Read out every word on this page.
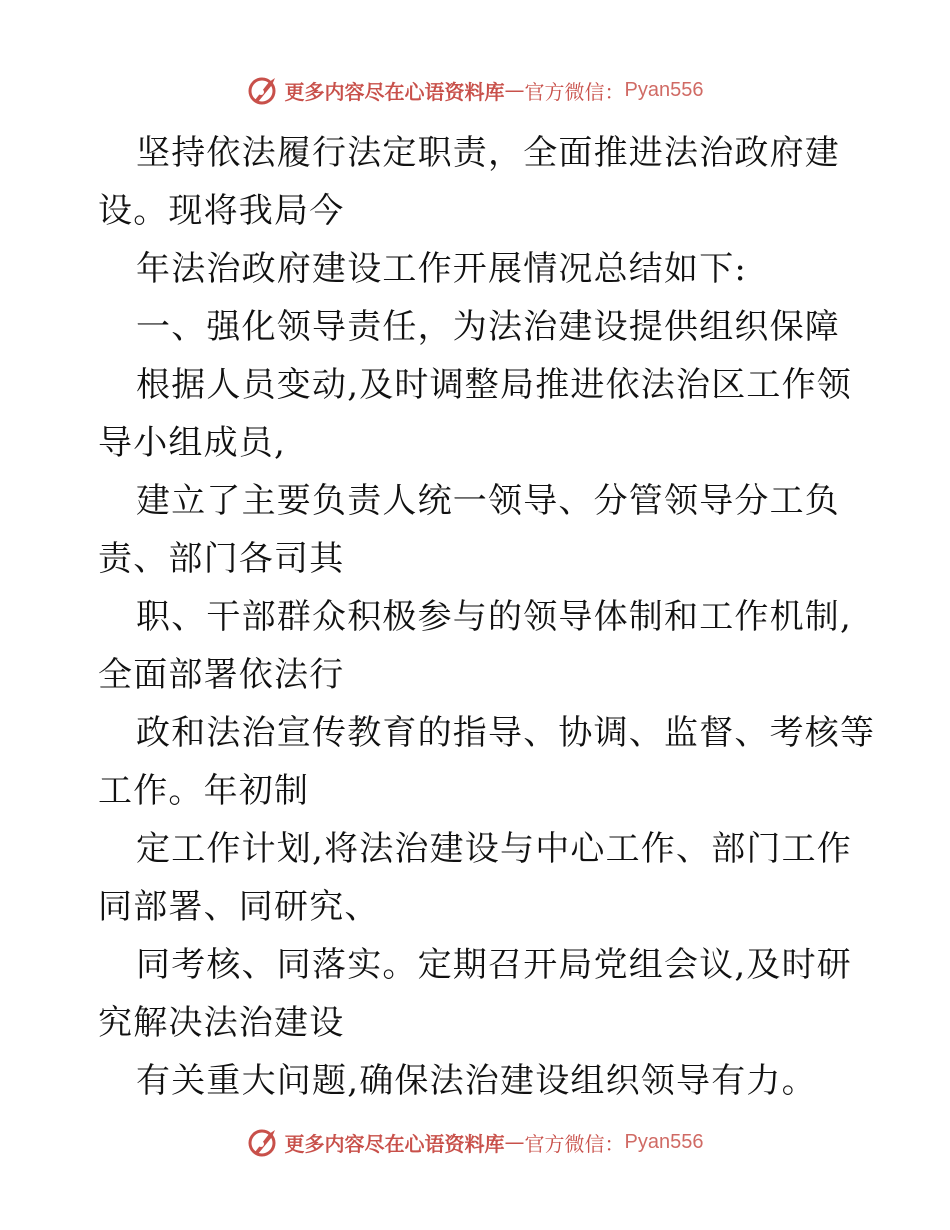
更多内容尽在心语资料库 — 官方微信： Pyan556
坚持依法履行法定职责，全面推进法治政府建
设。现将我局今
年法治政府建设工作开展情况总结如下:
一、强化领导责任，为法治建设提供组织保障
根据人员变动,及时调整局推进依法治区工作领
导小组成员,
建立了主要负责人统一领导、分管领导分工负
责、部门各司其
职、干部群众积极参与的领导体制和工作机制,
全面部署依法行
政和法治宣传教育的指导、协调、监督、考核等
工作。年初制
定工作计划,将法治建设与中心工作、部门工作
同部署、同研究、
同考核、同落实。定期召开局党组会议,及时研
究解决法治建设
有关重大问题,确保法治建设组织领导有力。
更多内容尽在心语资料库 — 官方微信： Pyan556
